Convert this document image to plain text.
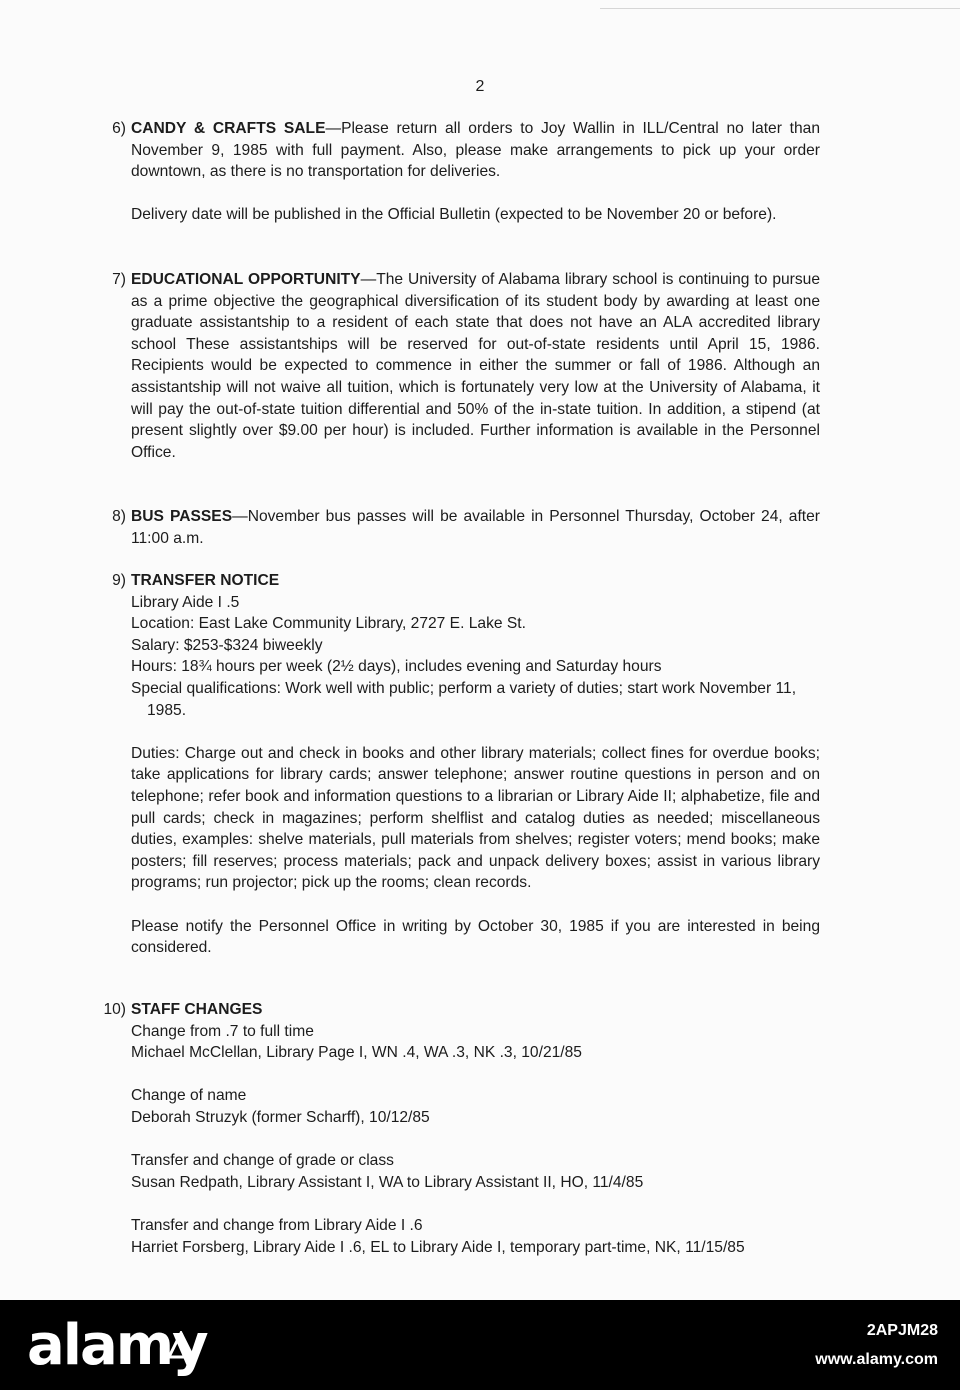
2
6) CANDY & CRAFTS SALE—Please return all orders to Joy Wallin in ILL/Central no later than November 9, 1985 with full payment. Also, please make arrangements to pick up your order downtown, as there is no transportation for deliveries.
Delivery date will be published in the Official Bulletin (expected to be November 20 or before).
7) EDUCATIONAL OPPORTUNITY—The University of Alabama library school is continuing to pursue as a prime objective the geographical diversification of its student body by awarding at least one graduate assistantship to a resident of each state that does not have an ALA accredited library school These assistantships will be reserved for out-of-state residents until April 15, 1986. Recipients would be expected to commence in either the summer or fall of 1986. Although an assistantship will not waive all tuition, which is fortunately very low at the University of Alabama, it will pay the out-of-state tuition differential and 50% of the in-state tuition. In addition, a stipend (at present slightly over $9.00 per hour) is included. Further information is available in the Personnel Office.
8) BUS PASSES—November bus passes will be available in Personnel Thursday, October 24, after 11:00 a.m.
9) TRANSFER NOTICE
Library Aide I .5
Location: East Lake Community Library, 2727 E. Lake St.
Salary: $253-$324 biweekly
Hours: 18¾ hours per week (2½ days), includes evening and Saturday hours
Special qualifications: Work well with public; perform a variety of duties; start work November 11, 1985.
Duties: Charge out and check in books and other library materials; collect fines for overdue books; take applications for library cards; answer telephone; answer routine questions in person and on telephone; refer book and information questions to a librarian or Library Aide II; alphabetize, file and pull cards; check in magazines; perform shelflist and catalog duties as needed; miscellaneous duties, examples: shelve materials, pull materials from shelves; register voters; mend books; make posters; fill reserves; process materials; pack and unpack delivery boxes; assist in various library programs; run projector; pick up the rooms; clean records.
Please notify the Personnel Office in writing by October 30, 1985 if you are interested in being considered.
10) STAFF CHANGES
Change from .7 to full time
Michael McClellan, Library Page I, WN .4, WA .3, NK .3, 10/21/85
Change of name
Deborah Struzyk (former Scharff), 10/12/85
Transfer and change of grade or class
Susan Redpath, Library Assistant I, WA to Library Assistant II, HO, 11/4/85
Transfer and change from Library Aide I .6
Harriet Forsberg, Library Aide I .6, EL to Library Aide I, temporary part-time, NK, 11/15/85
alamy	2APJM28
www.alamy.com
